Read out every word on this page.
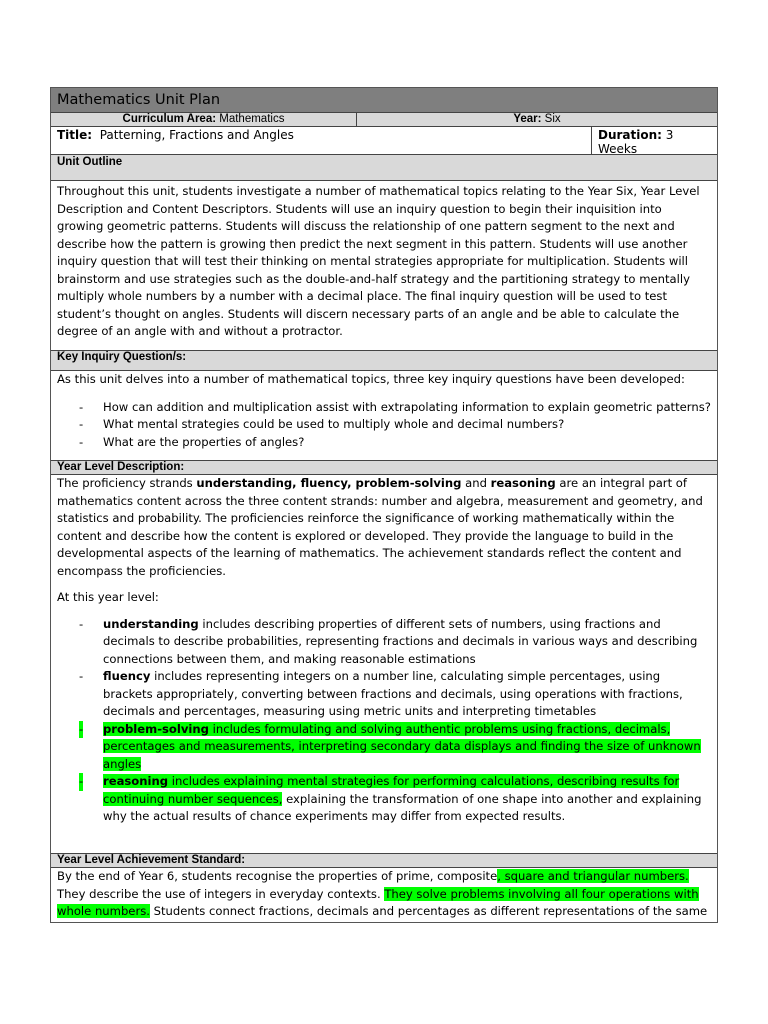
Mathematics Unit Plan
Curriculum Area: Mathematics	Year: Six
Title:  Patterning, Fractions and Angles	Duration: 3 Weeks
Unit Outline

Throughout this unit, students investigate a number of mathematical topics relating to the Year Six, Year Level Description and Content Descriptors. Students will use an inquiry question to begin their inquisition into growing geometric patterns. Students will discuss the relationship of one pattern segment to the next and describe how the pattern is growing then predict the next segment in this pattern. Students will use another inquiry question that will test their thinking on mental strategies appropriate for multiplication. Students will brainstorm and use strategies such as the double-and-half strategy and the partitioning strategy to mentally multiply whole numbers by a number with a decimal place. The final inquiry question will be used to test student’s thought on angles. Students will discern necessary parts of an angle and be able to calculate the degree of an angle with and without a protractor.

Key Inquiry Question/s:

As this unit delves into a number of mathematical topics, three key inquiry questions have been developed:

- How can addition and multiplication assist with extrapolating information to explain geometric patterns?
- What mental strategies could be used to multiply whole and decimal numbers?
- What are the properties of angles?
Year Level Description:

The proficiency strands understanding, fluency, problem-solving and reasoning are an integral part of mathematics content across the three content strands: number and algebra, measurement and geometry, and statistics and probability. The proficiencies reinforce the significance of working mathematically within the content and describe how the content is explored or developed. They provide the language to build in the developmental aspects of the learning of mathematics. The achievement standards reflect the content and encompass the proficiencies.

At this year level:

- understanding includes describing properties of different sets of numbers, using fractions and decimals to describe probabilities, representing fractions and decimals in various ways and describing connections between them, and making reasonable estimations
- fluency includes representing integers on a number line, calculating simple percentages, using brackets appropriately, converting between fractions and decimals, using operations with fractions, decimals and percentages, measuring using metric units and interpreting timetables
- problem-solving includes formulating and solving authentic problems using fractions, decimals, percentages and measurements, interpreting secondary data displays and finding the size of unknown angles
- reasoning includes explaining mental strategies for performing calculations, describing results for continuing number sequences, explaining the transformation of one shape into another and explaining why the actual results of chance experiments may differ from expected results.
Year Level Achievement Standard:

By the end of Year 6, students recognise the properties of prime, composite, square and triangular numbers. They describe the use of integers in everyday contexts. They solve problems involving all four operations with whole numbers. Students connect fractions, decimals and percentages as different representations of the same
